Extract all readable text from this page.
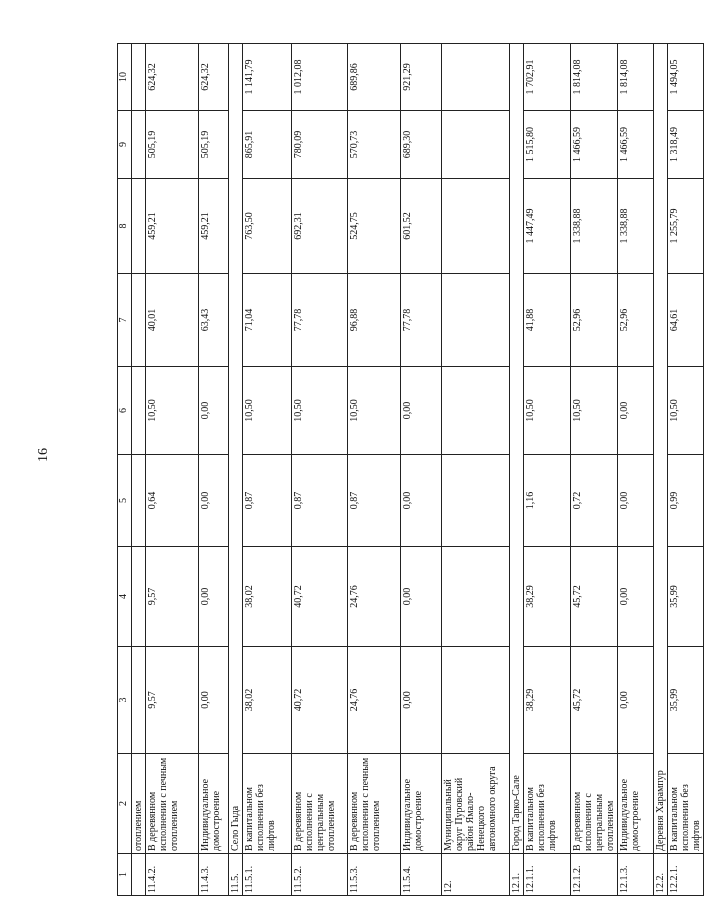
16
1	2	3	4	5	6	7	8	9	10
	отоплением								
11.4.2.	В деревянном исполнении с печным отоплением	9,57	9,57	0,64	10,50	40,01	459,21	505,19	624,32
11.4.3.	Индивидуальное домостроение	0,00	0,00	0,00	0,00	63,43	459,21	505,19	624,32
11.5.	Село Гыда								
11.5.1.	В капитальном исполнении без лифтов	38,02	38,02	0,87	10,50	71,04	763,50	865,91	1 141,79
11.5.2.	В деревянном исполнении с центральным отоплением	40,72	40,72	0,87	10,50	77,78	692,31	780,09	1 012,08
11.5.3.	В деревянном исполнении с печным отоплением	24,76	24,76	0,87	10,50	96,88	524,75	570,73	689,86
11.5.4.	Индивидуальное домостроение	0,00	0,00	0,00	0,00	77,78	601,52	689,30	921,29
12.	Муниципальный округ Пуровский район Ямало-Ненецкого автономного округа								
12.1.	Город Тарко-Сале								
12.1.1.	В капитальном исполнении без лифтов	38,29	38,29	1,16	10,50	41,88	1 447,49	1 515,80	1 702,91
12.1.2.	В деревянном исполнении с центральным отоплением	45,72	45,72	0,72	10,50	52,96	1 338,88	1 466,59	1 814,08
12.1.3.	Индивидуальное домостроение	0,00	0,00	0,00	0,00	52,96	1 338,88	1 466,59	1 814,08
12.2.	Деревня Харампур								
12.2.1.	В капитальном исполнении без лифтов	35,99	35,99	0,99	10,50	64,61	1 255,79	1 318,49	1 494,05
